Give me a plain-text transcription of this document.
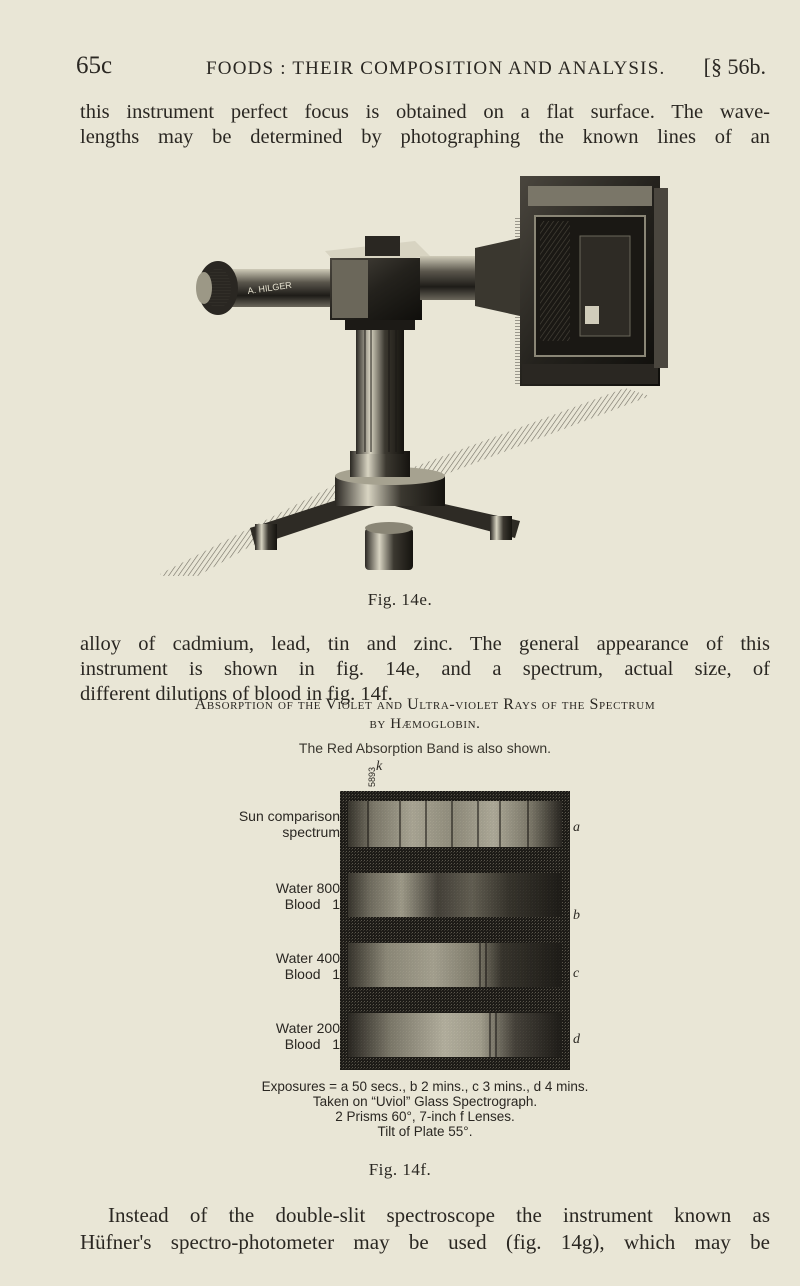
65c	FOODS : THEIR COMPOSITION AND ANALYSIS. [§ 56b.
this instrument perfect focus is obtained on a flat surface. The wave-
lengths may be determined by photographing the known lines of an
A. HILGER
Fig. 14e.
alloy of cadmium, lead, tin and zinc. The general appearance of this
instrument is shown in fig. 14e, and a spectrum, actual size, of
different dilutions of blood in fig. 14f.
Absorption of the Violet and Ultra-violet Rays of the Spectrum
by Hæmoglobin.
The Red Absorption Band is also shown.
5893
k
Sun comparison
spectrum
Water 800
Blood   1
Water 400
Blood   1
Water 200
Blood   1
a
b
c
d
Exposures = a 50 secs., b 2 mins., c 3 mins., d 4 mins.
Taken on “Uviol” Glass Spectrograph.
2 Prisms 60°, 7-inch f Lenses.
Tilt of Plate 55°.
Fig. 14f.
Instead of the double-slit spectroscope the instrument known as
Hüfner's spectro-photometer may be used (fig. 14g), which may be
